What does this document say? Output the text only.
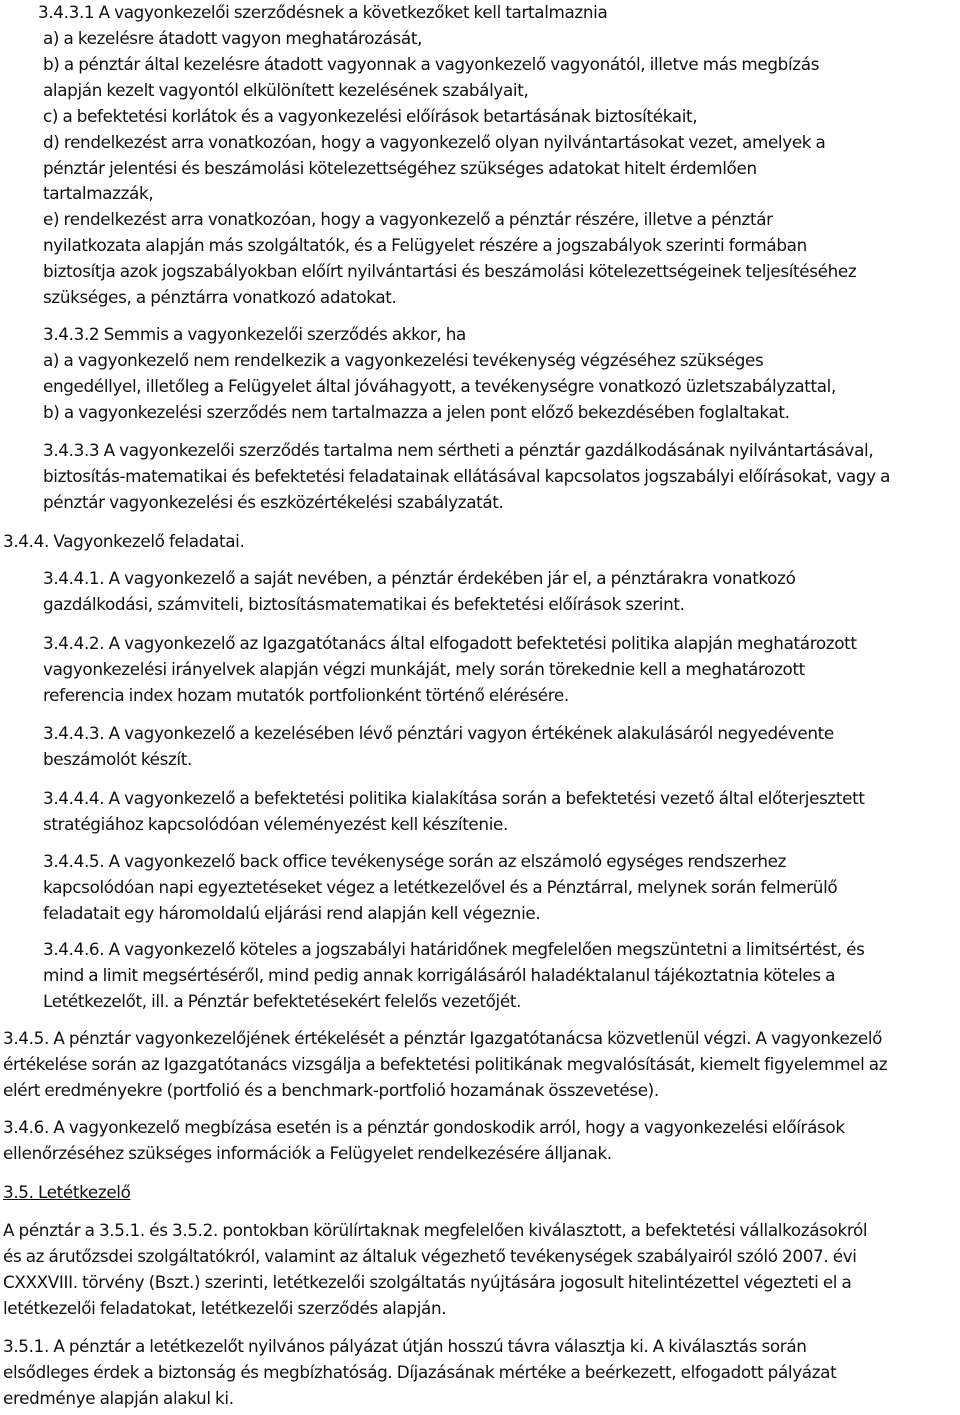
3.4.3.1 A vagyonkezelői szerződésnek a következőket kell tartalmaznia

a) a kezelésre átadott vagyon meghatározását,
b) a pénztár által kezelésre átadott vagyonnak a vagyonkezelő vagyonától, illetve más megbízás
alapján kezelt vagyontól elkülönített kezelésének szabályait,
c) a befektetési korlátok és a vagyonkezelési előírások betartásának biztosítékait,
d) rendelkezést arra vonatkozóan, hogy a vagyonkezelő olyan nyilvántartásokat vezet, amelyek a
pénztár jelentési és beszámolási kötelezettségéhez szükséges adatokat hitelt érdemlően
tartalmazzák,
e) rendelkezést arra vonatkozóan, hogy a vagyonkezelő a pénztár részére, illetve a pénztár
nyilatkozata alapján más szolgáltatók, és a Felügyelet részére a jogszabályok szerinti formában
biztosítja azok jogszabályokban előírt nyilvántartási és beszámolási kötelezettségeinek teljesítéséhez
szükséges, a pénztárra vonatkozó adatokat.

3.4.3.2 Semmis a vagyonkezelői szerződés akkor, ha
a) a vagyonkezelő nem rendelkezik a vagyonkezelési tevékenység végzéséhez szükséges
engedéllyel, illetőleg a Felügyelet által jóváhagyott, a tevékenységre vonatkozó üzletszabályzattal,
b) a vagyonkezelési szerződés nem tartalmazza a jelen pont előző bekezdésében foglaltakat.

3.4.3.3 A vagyonkezelői szerződés tartalma nem sértheti a pénztár gazdálkodásának nyilvántartásával,
biztosítás-matematikai és befektetési feladatainak ellátásával kapcsolatos jogszabályi előírásokat, vagy a
pénztár vagyonkezelési és eszközértékelési szabályzatát.

3.4.4. Vagyonkezelő feladatai.

3.4.4.1. A vagyonkezelő a saját nevében, a pénztár érdekében jár el, a pénztárakra vonatkozó
gazdálkodási, számviteli, biztosításmatematikai és befektetési előírások szerint.

3.4.4.2. A vagyonkezelő az Igazgatótanács által elfogadott befektetési politika alapján meghatározott
vagyonkezelési irányelvek alapján végzi munkáját, mely során törekednie kell a meghatározott
referencia index hozam mutatók portfolionként történő elérésére.

3.4.4.3. A vagyonkezelő a kezelésében lévő pénztári vagyon értékének alakulásáról negyedévente
beszámolót készít.

3.4.4.4. A vagyonkezelő a befektetési politika kialakítása során a befektetési vezető által előterjesztett
stratégiához kapcsolódóan véleményezést kell készítenie.

3.4.4.5. A vagyonkezelő back office tevékenysége során az elszámoló egységes rendszerhez
kapcsolódóan napi egyeztetéseket végez a letétkezelővel és a Pénztárral, melynek során felmerülő
feladatait egy háromoldalú eljárási rend alapján kell végeznie.

3.4.4.6. A vagyonkezelő köteles a jogszabályi határidőnek megfelelően megszüntetni a limitsértést, és
mind a limit megsértéséről, mind pedig annak korrigálásáról haladéktalanul tájékoztatnia köteles a
Letétkezelőt, ill. a Pénztár befektetésekért felelős vezetőjét.

3.4.5. A pénztár vagyonkezelőjének értékelését a pénztár Igazgatótanácsa közvetlenül végzi. A vagyonkezelő
értékelése során az Igazgatótanács vizsgálja a befektetési politikának megvalósítását, kiemelt figyelemmel az
elért eredményekre (portfolió és a benchmark-portfolió hozamának összevetése).

3.4.6. A vagyonkezelő megbízása esetén is a pénztár gondoskodik arról, hogy a vagyonkezelési előírások
ellenőrzéséhez szükséges információk a Felügyelet rendelkezésére álljanak.

3.5. Letétkezelő

A pénztár a 3.5.1. és 3.5.2. pontokban körülírtaknak megfelelően kiválasztott, a befektetési vállalkozásokról
és az árutőzsdei szolgáltatókról, valamint az általuk végezhető tevékenységek szabályairól szóló 2007. évi
CXXXVIII. törvény (Bszt.) szerinti, letétkezelői szolgáltatás nyújtására jogosult hitelintézettel végezteti el a
letétkezelői feladatokat, letétkezelői szerződés alapján.

3.5.1. A pénztár a letétkezelőt nyilvános pályázat útján hosszú távra választja ki. A kiválasztás során
elsődleges érdek a biztonság és megbízhatóság. Díjazásának mértéke a beérkezett, elfogadott pályázat
eredménye alapján alakul ki.
